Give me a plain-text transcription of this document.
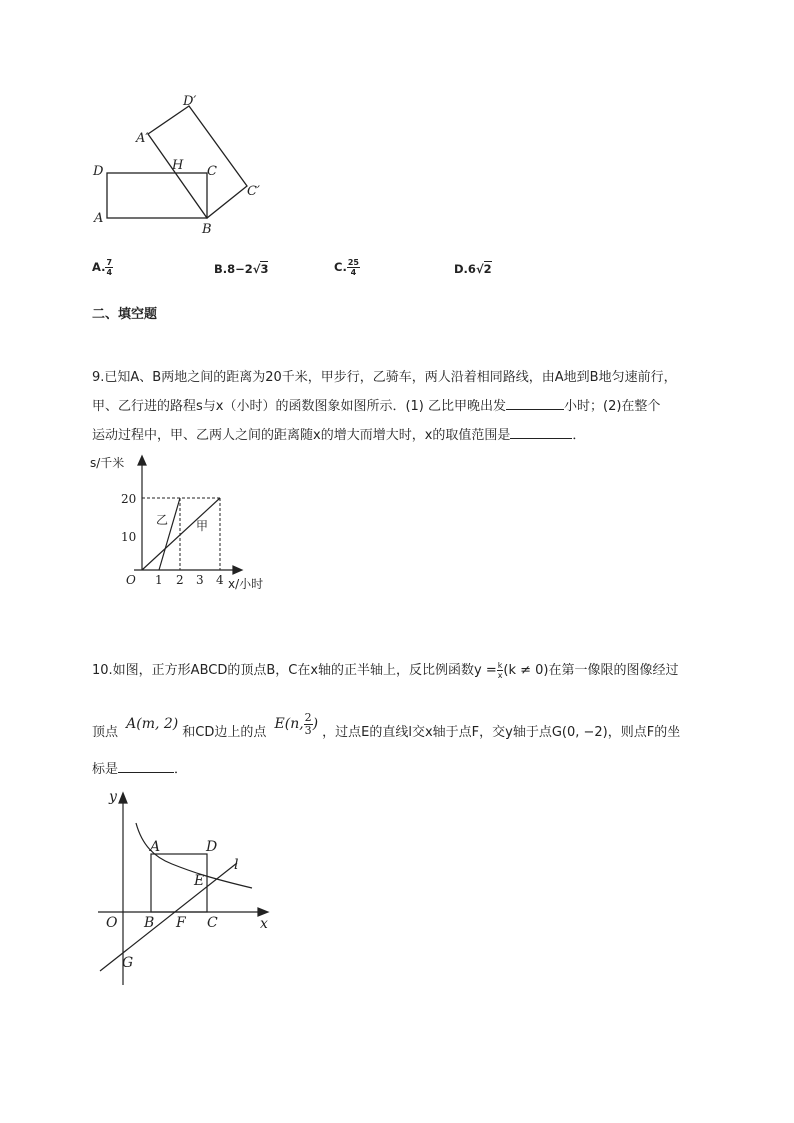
D′
A′
H C
D
C′
A
B
A. $\frac{7}{4}$	B.8−2√3	C. $\frac{25}{4}$	D.6√2
二、填空题
9.已知A、B两地之间的距离为20千米，甲步行，乙骑车，两人沿着相同路线，由A地到B地匀速前行，
甲、乙行进的路程s与x（小时）的函数图象如图所示．(1) 乙比甲晚出发	小时；(2)在整个
运动过程中，甲、乙两人之间的距离随x的增大而增大时，x的取值范围是	．
s/千米
20
10
O 1 2 3 4 x/小时
乙 甲
10.如图，正方形ABCD的顶点B，C在x轴的正半轴上，反比例函数$y = \frac{k}{x} (k \ne 0)$在第一像限的图像经过
顶点 A(m, 2)和CD边上的点 E(n, $\frac{2}{3}$ )，过点E的直线l交x轴于点F，交y轴于点G(0, −2)，则点F的坐
标是	．
y
x
O
A	D
l
E
B F C
G
